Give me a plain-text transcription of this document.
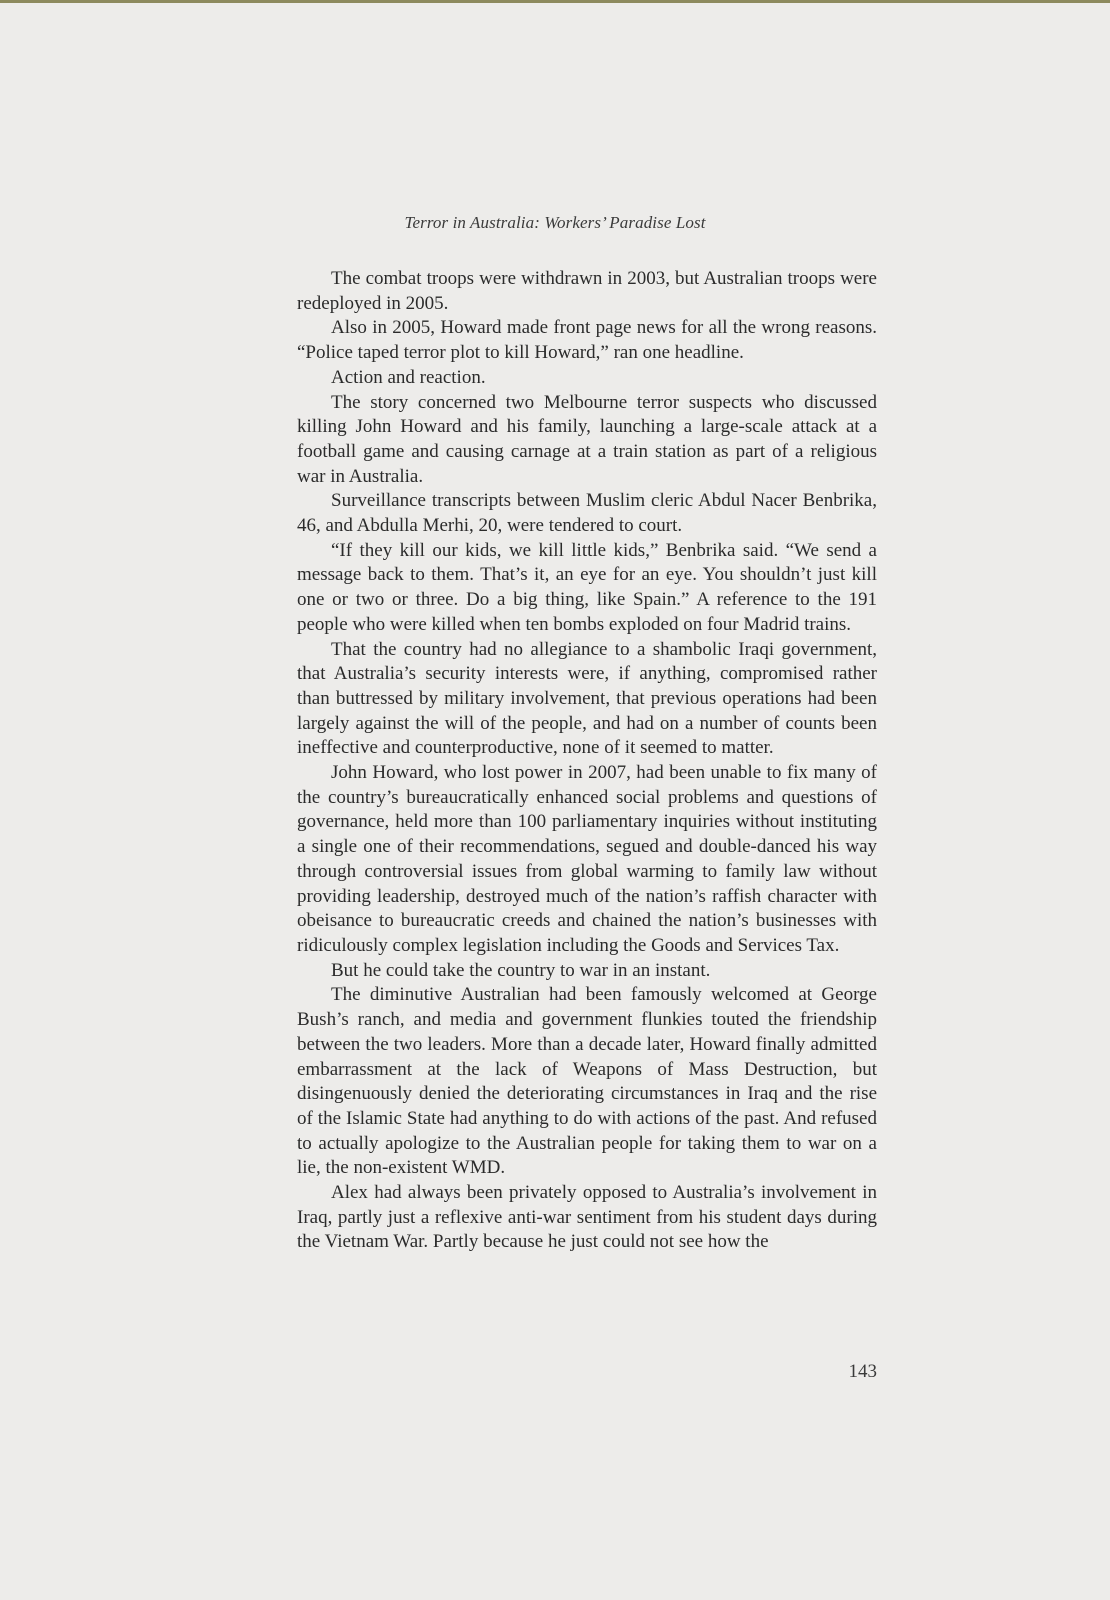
Terror in Australia: Workers’ Paradise Lost

The combat troops were withdrawn in 2003, but Australian troops were redeployed in 2005.

Also in 2005, Howard made front page news for all the wrong reasons. “Police taped terror plot to kill Howard,” ran one headline.

Action and reaction.

The story concerned two Melbourne terror suspects who discussed killing John Howard and his family, launching a large-scale attack at a football game and causing carnage at a train station as part of a religious war in Australia.

Surveillance transcripts between Muslim cleric Abdul Nacer Benbrika, 46, and Abdulla Merhi, 20, were tendered to court.

“If they kill our kids, we kill little kids,” Benbrika said. “We send a message back to them. That’s it, an eye for an eye. You shouldn’t just kill one or two or three. Do a big thing, like Spain.” A reference to the 191 people who were killed when ten bombs exploded on four Madrid trains.

That the country had no allegiance to a shambolic Iraqi government, that Australia’s security interests were, if anything, compromised rather than buttressed by military involvement, that previous operations had been largely against the will of the people, and had on a number of counts been ineffective and counterproductive, none of it seemed to matter.

John Howard, who lost power in 2007, had been unable to fix many of the country’s bureaucratically enhanced social problems and questions of governance, held more than 100 parliamentary inquiries without instituting a single one of their recommendations, segued and double-danced his way through controversial issues from global warming to family law without providing leadership, destroyed much of the nation’s raffish character with obeisance to bureaucratic creeds and chained the nation’s businesses with ridiculously complex legislation including the Goods and Services Tax.

But he could take the country to war in an instant.

The diminutive Australian had been famously welcomed at George Bush’s ranch, and media and government flunkies touted the friendship between the two leaders. More than a decade later, Howard finally admitted embarrassment at the lack of Weapons of Mass Destruction, but disingenuously denied the deteriorating circumstances in Iraq and the rise of the Islamic State had anything to do with actions of the past. And refused to actually apologize to the Australian people for taking them to war on a lie, the non-existent WMD.

Alex had always been privately opposed to Australia’s involvement in Iraq, partly just a reflexive anti-war sentiment from his student days during the Vietnam War. Partly because he just could not see how the

143
